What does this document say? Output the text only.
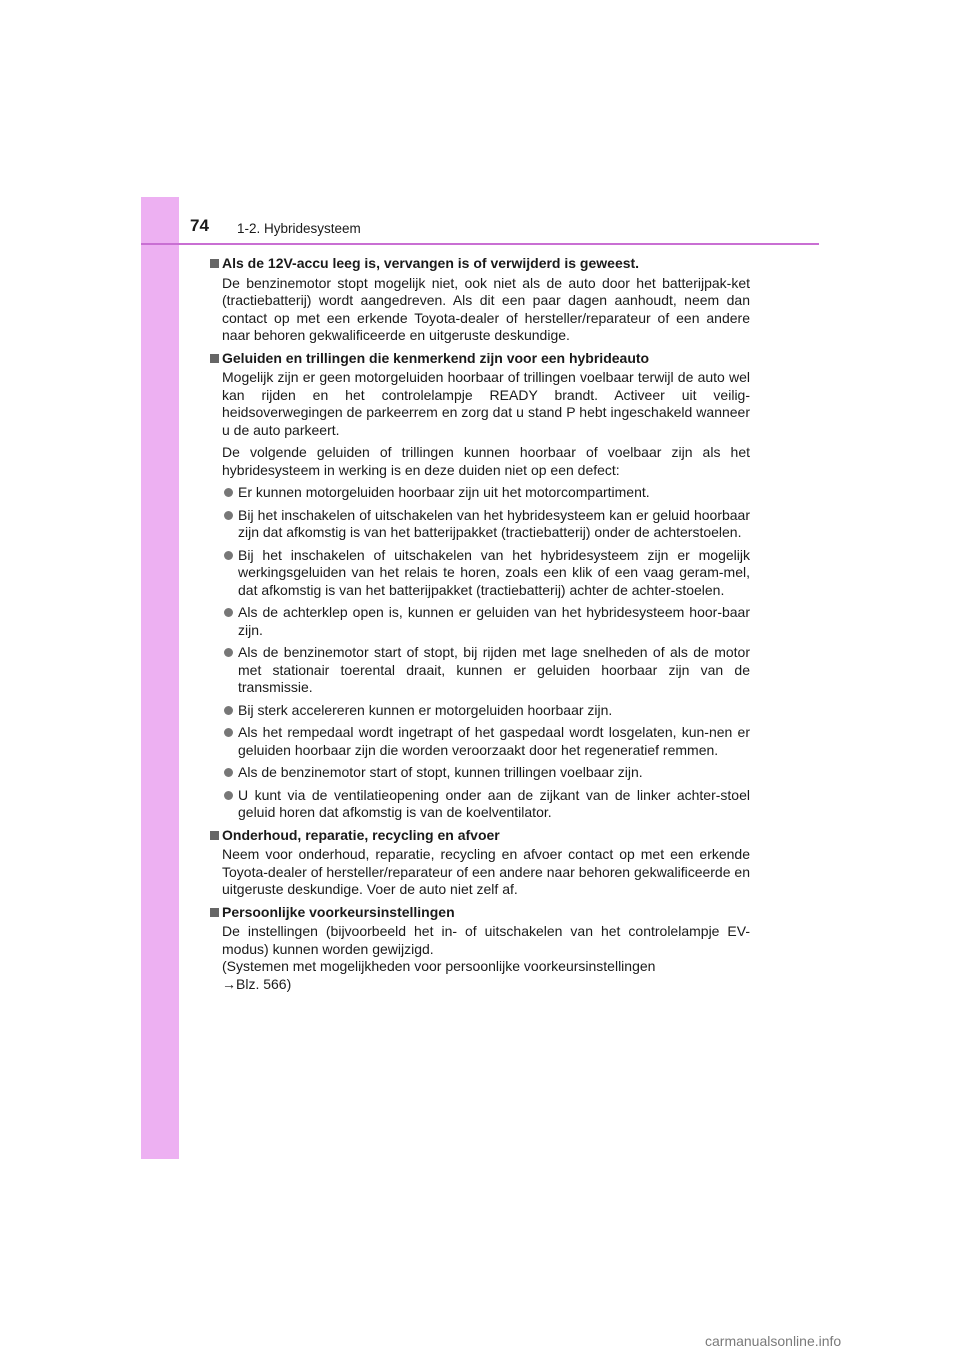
74 1-2. Hybridesysteem
Als de 12V-accu leeg is, vervangen is of verwijderd is geweest.

De benzinemotor stopt mogelijk niet, ook niet als de auto door het batterijpak-ket (tractiebatterij) wordt aangedreven. Als dit een paar dagen aanhoudt, neem dan contact op met een erkende Toyota-dealer of hersteller/reparateur of een andere naar behoren gekwalificeerde en uitgeruste deskundige.

Geluiden en trillingen die kenmerkend zijn voor een hybrideauto

Mogelijk zijn er geen motorgeluiden hoorbaar of trillingen voelbaar terwijl de auto wel kan rijden en het controlelampje READY brandt. Activeer uit veilig-heidsoverwegingen de parkeerrem en zorg dat u stand P hebt ingeschakeld wanneer u de auto parkeert.

De volgende geluiden of trillingen kunnen hoorbaar of voelbaar zijn als het hybridesysteem in werking is en deze duiden niet op een defect:

Er kunnen motorgeluiden hoorbaar zijn uit het motorcompartiment.
Bij het inschakelen of uitschakelen van het hybridesysteem kan er geluid hoorbaar zijn dat afkomstig is van het batterijpakket (tractiebatterij) onder de achterstoelen.
Bij het inschakelen of uitschakelen van het hybridesysteem zijn er mogelijk werkingsgeluiden van het relais te horen, zoals een klik of een vaag geram-mel, dat afkomstig is van het batterijpakket (tractiebatterij) achter de achter-stoelen.
Als de achterklep open is, kunnen er geluiden van het hybridesysteem hoor-baar zijn.
Als de benzinemotor start of stopt, bij rijden met lage snelheden of als de motor met stationair toerental draait, kunnen er geluiden hoorbaar zijn van de transmissie.
Bij sterk accelereren kunnen er motorgeluiden hoorbaar zijn.
Als het rempedaal wordt ingetrapt of het gaspedaal wordt losgelaten, kun-nen er geluiden hoorbaar zijn die worden veroorzaakt door het regeneratief remmen.
Als de benzinemotor start of stopt, kunnen trillingen voelbaar zijn.
U kunt via de ventilatieopening onder aan de zijkant van de linker achter-stoel geluid horen dat afkomstig is van de koelventilator.
Onderhoud, reparatie, recycling en afvoer

Neem voor onderhoud, reparatie, recycling en afvoer contact op met een erkende Toyota-dealer of hersteller/reparateur of een andere naar behoren gekwalificeerde en uitgeruste deskundige. Voer de auto niet zelf af.

Persoonlijke voorkeursinstellingen

De instellingen (bijvoorbeeld het in- of uitschakelen van het controlelampje EV-modus) kunnen worden gewijzigd.

(Systemen met mogelijkheden voor persoonlijke voorkeursinstellingen

→Blz. 566)

carmanualsonline.info
